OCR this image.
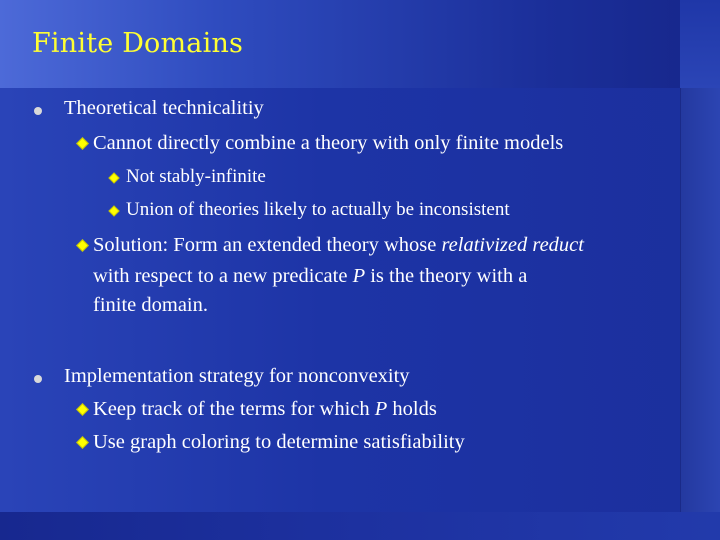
Finite Domains
Theoretical technicalitiy
Cannot directly combine a theory with only finite models
Not stably-infinite
Union of theories likely to actually be inconsistent
Solution: Form an extended theory whose relativized reduct
with respect to a new predicate P is the theory with a
finite domain.
Implementation strategy for nonconvexity
Keep track of the terms for which P holds
Use graph coloring to determine satisfiability
